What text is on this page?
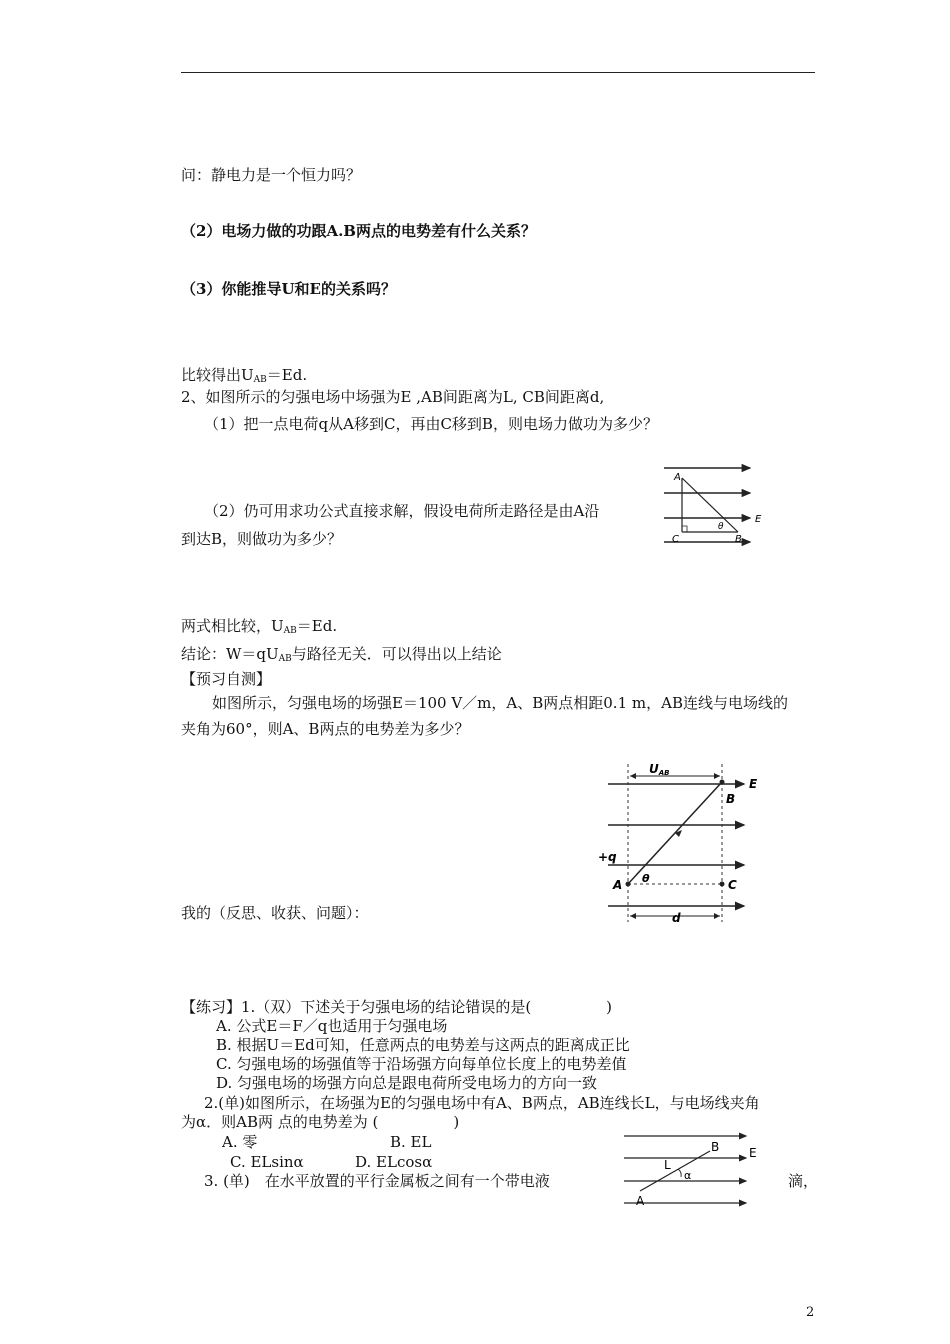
问：静电力是一个恒力吗？
（2）电场力做的功跟A.B两点的电势差有什么关系？
（3）你能推导U和E的关系吗？
比较得出$U_{AB}=Ed$.
2、如图所示的匀强电场中场强为E ,AB间距离为L, CB间距离d,
（1）把一点电荷q从A移到C，再由C移到B，则电场力做功为多少？
（2）仍可用求功公式直接求解，假设电荷所走路径是由A沿
到达B，则做功为多少？
A
C	B
E
θ
两式相比较，$U_{AB}=Ed$.
结论：$W=qU_{AB}$与路径无关．可以得出以上结论
【预习自测】
如图所示，匀强电场的场强E＝100 V／m，A、B两点相距0.1 m，AB连线与电场线的
夹角为60°，则A、B两点的电势差为多少？
UAB
E
B
+q
A θ	C
d
我的（反思、收获、问题）：
【练习】1.（双）下述关于匀强电场的结论错误的是(　　　　　)
A. 公式E＝F／q也适用于匀强电场
B. 根据U＝Ed可知，任意两点的电势差与这两点的距离成正比
C. 匀强电场的场强值等于沿场强方向每单位长度上的电势差值
D. 匀强电场的场强方向总是跟电荷所受电场力的方向一致
2.(单)如图所示，在场强为E的匀强电场中有A、B两点，AB连线长L，与电场线夹角
为α．则AB两 点的电势差为 (　　　　　)
A. 零	B. EL
C. ELsinα	D. ELcosα
3. (单)　在水平放置的平行金属板之间有一个带电液	滴，
B E
L
α
A
2
